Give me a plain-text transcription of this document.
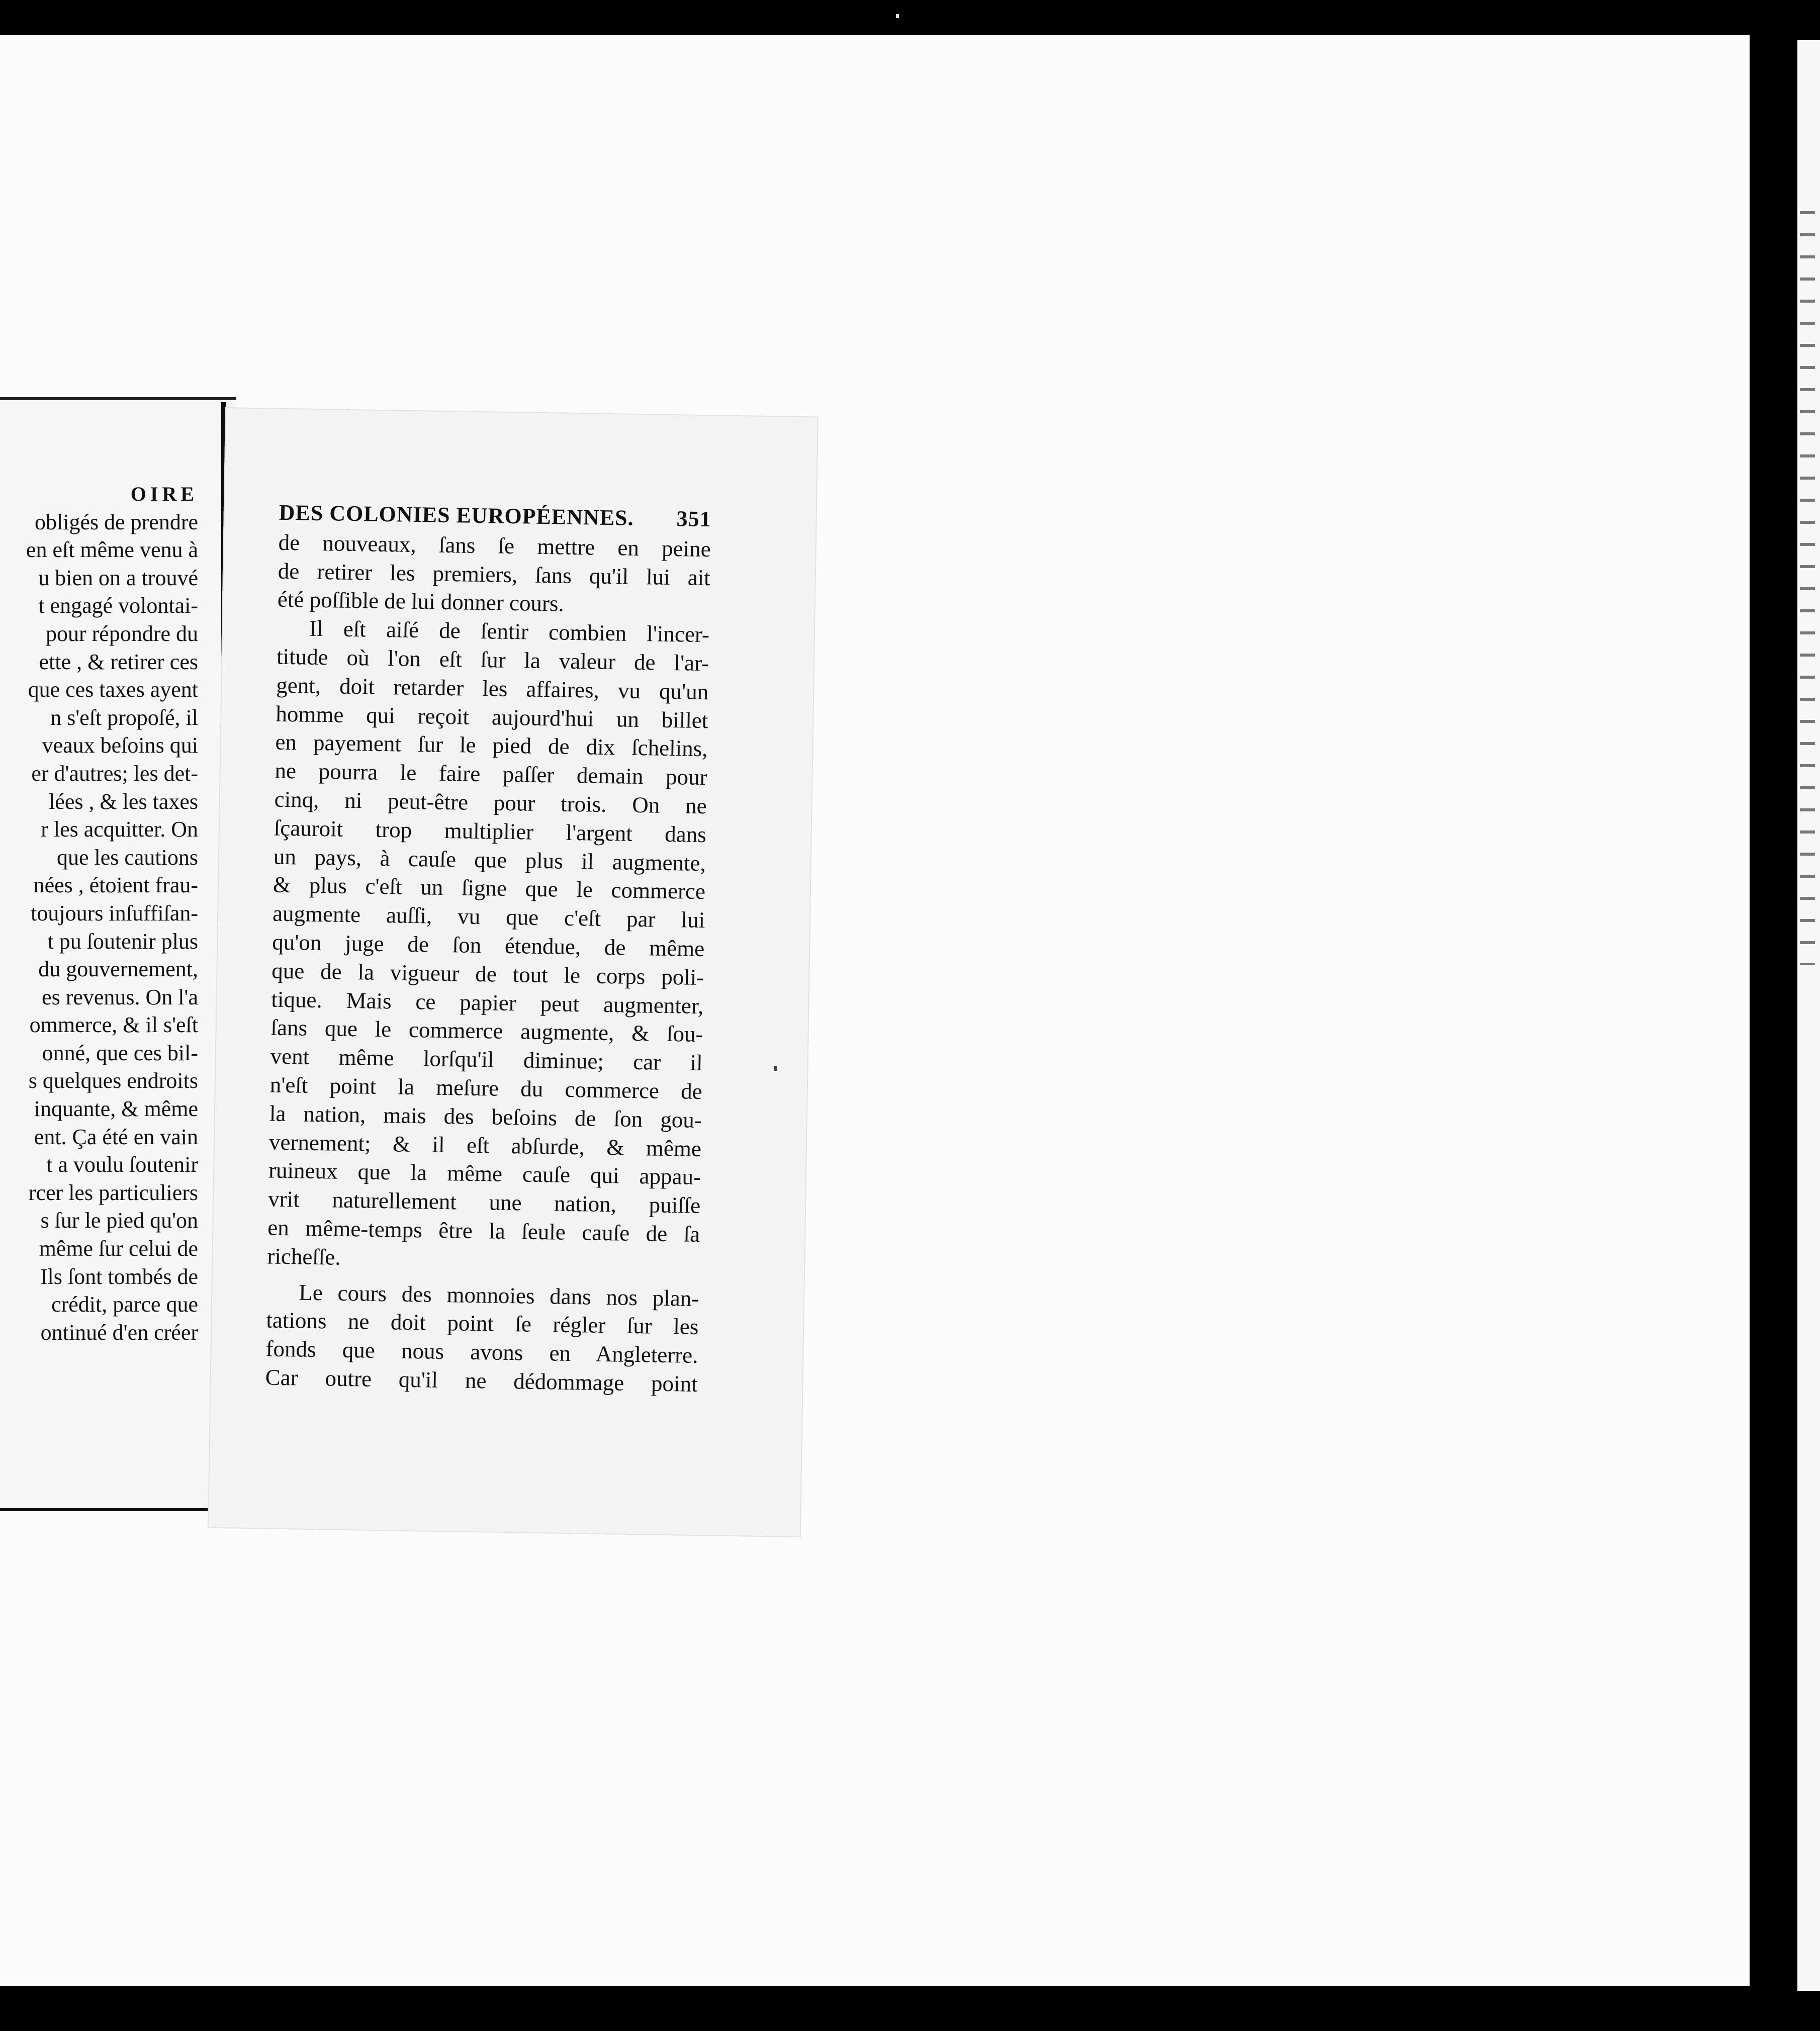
OIRE
obligés de prendre
en eſt même venu à
u bien on a trouvé
t engagé volontai-
pour répondre du
ette , & retirer ces
que ces taxes ayent
n s'eſt propoſé, il
veaux beſoins qui
er d'autres; les det-
lées , & les taxes
r les acquitter. On
que les cautions
nées , étoient frau-
toujours inſuffiſan-
t pu ſoutenir plus
du gouvernement,
es revenus. On l'a
ommerce, & il s'eſt
onné, que ces bil-
s quelques endroits
inquante, & même
ent. Ça été en vain
t a voulu ſoutenir
rcer les particuliers
s ſur le pied qu'on
même ſur celui de
Ils ſont tombés de
crédit, parce que
ontinué d'en créer
DES COLONIES EUROPÉENNES. 351
de nouveaux, ſans ſe mettre en peine
de retirer les premiers, ſans qu'il lui ait
été poſſible de lui donner cours.
Il eſt aiſé de ſentir combien l'incer-
titude où l'on eſt ſur la valeur de l'ar-
gent, doit retarder les affaires, vu qu'un
homme qui reçoit aujourd'hui un billet
en payement ſur le pied de dix ſchelins,
ne pourra le faire paſſer demain pour
cinq, ni peut-être pour trois. On ne
ſçauroit trop multiplier l'argent dans
un pays, à cauſe que plus il augmente,
& plus c'eſt un ſigne que le commerce
augmente auſſi, vu que c'eſt par lui
qu'on juge de ſon étendue, de même
que de la vigueur de tout le corps poli-
tique. Mais ce papier peut augmenter,
ſans que le commerce augmente, & ſou-
vent même lorſqu'il diminue; car il
n'eſt point la meſure du commerce de
la nation, mais des beſoins de ſon gou-
vernement; & il eſt abſurde, & même
ruineux que la même cauſe qui appau-
vrit naturellement une nation, puiſſe
en même-temps être la ſeule cauſe de ſa
richeſſe.
Le cours des monnoies dans nos plan-
tations ne doit point ſe régler ſur les
fonds que nous avons en Angleterre.
Car outre qu'il ne dédommage point
